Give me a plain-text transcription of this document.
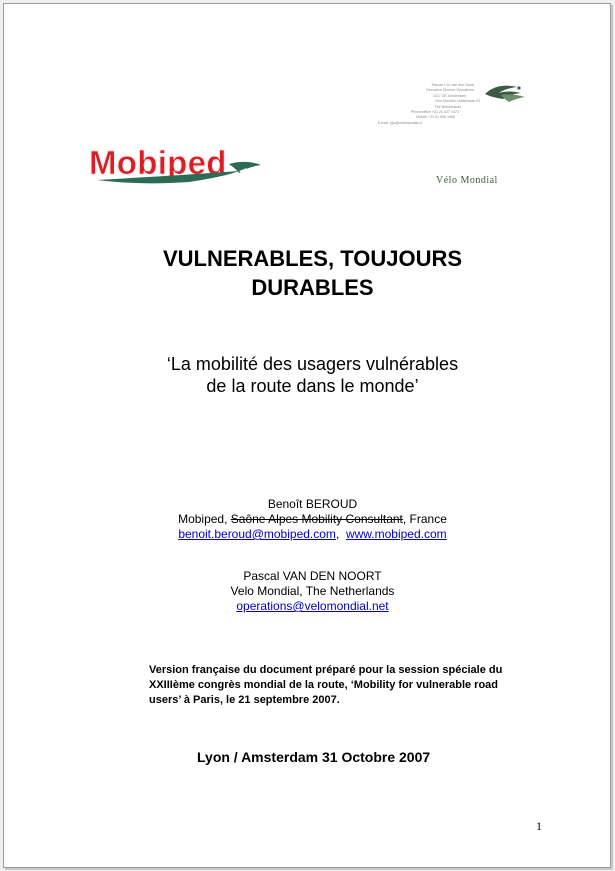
Pascal J.W. van den Noort
Executive Director Operations
1117 GE Amsterdam
Velo Mondial Leidsekade 23
The Netherlands
Phone/office +31 20 627 0473
Mobile +31 61 996 1668
E-mail: pjw@velomondial.nl
Mobiped	Vélo Mondial
VULNERABLES, TOUJOURS
DURABLES
‘La mobilité des usagers vulnérables
de la route dans le monde’
Benoît BEROUD
Mobiped, Saône Alpes Mobility Consultant, France
benoit.beroud@mobiped.com,  www.mobiped.com
Pascal VAN DEN NOORT
Velo Mondial, The Netherlands
operations@velomondial.net
Version française du document préparé pour la session spéciale du
XXIIIème congrès mondial de la route, ‘Mobility for vulnerable road
users’ à Paris, le 21 septembre 2007.
Lyon / Amsterdam 31 Octobre 2007
1
